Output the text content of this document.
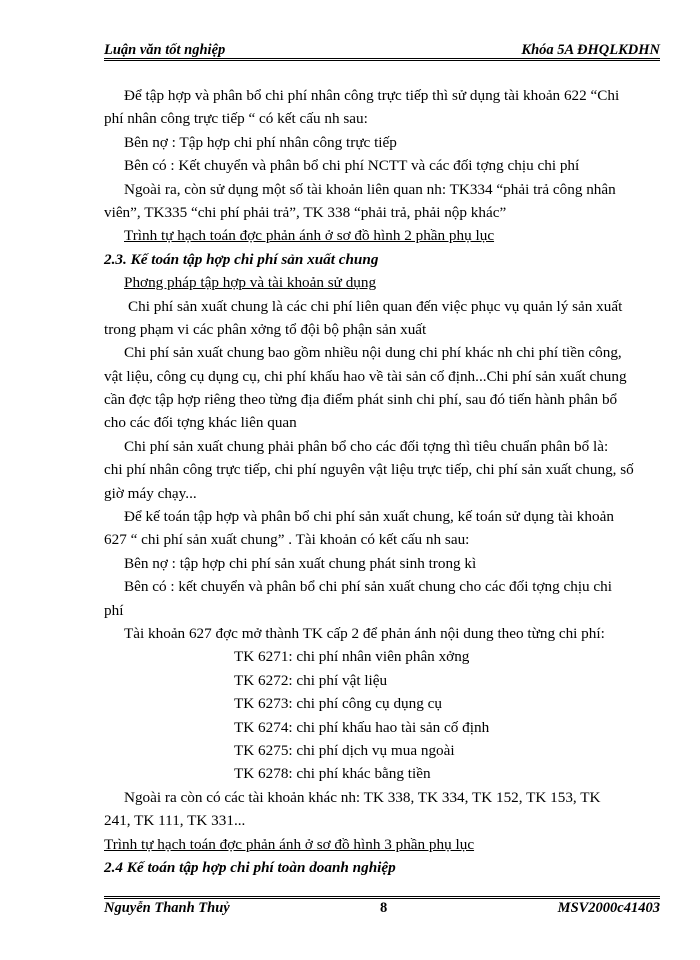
Luận văn tốt nghiệp	Khóa 5A ĐHQLKDHN
Để tập hợp và phân bổ chi phí nhân công trực tiếp thì sử dụng tài khoản 622 “Chi
phí nhân công trực tiếp “ có kết cấu nh sau:
Bên nợ : Tập hợp chi phí nhân công trực tiếp
Bên có : Kết chuyển và phân bổ chi phí NCTT và các đối tợng chịu chi phí
Ngoài ra, còn sử dụng một số tài khoản liên quan nh: TK334 “phải trả công nhân
viên”, TK335 “chi phí phải trả”, TK 338 “phải trả, phải nộp khác”
Trình tự hạch toán đợc phản ánh ở sơ đồ hình 2 phần phụ lục
2.3. Kế toán tập hợp chi phí sản xuất chung
Phơng pháp tập hợp và tài khoản sử dụng
Chi phí sản xuất chung là các chi phí liên quan đến việc phục vụ quản lý sản xuất
trong phạm vi các phân xởng tổ đội bộ phận sản xuất
Chi phí sản xuất chung bao gồm nhiều nội dung chi phí khác nh chi phí tiền công,
vật liệu, công cụ dụng cụ, chi phí khấu hao về tài sản cố định...Chi phí sản xuất chung
cần đợc tập hợp riêng theo từng địa điểm phát sinh chi phí, sau đó tiến hành phân bổ
cho các đối tợng khác liên quan
Chi phí sản xuất chung phải phân bổ cho các đối tợng thì tiêu chuẩn phân bổ là:
chi phí nhân công trực tiếp, chi phí nguyên vật liệu trực tiếp, chi phí sản xuất chung, số
giờ máy chạy...
Để kế toán tập hợp và phân bổ chi phí sản xuất chung, kế toán sử dụng tài khoản
627 “ chi phí sản xuất chung” . Tài khoản có kết cấu nh sau:
Bên nợ : tập hợp chi phí sản xuất chung phát sinh trong kì
Bên có : kết chuyển và phân bổ chi phí sản xuất chung cho các đối tợng chịu chi
phí
Tài khoản 627 đợc mở thành TK cấp 2 để phản ánh nội dung theo từng chi phí:
TK 6271: chi phí nhân viên phân xởng
TK 6272: chi phí vật liệu
TK 6273: chi phí công cụ dụng cụ
TK 6274: chi phí khấu hao tài sản cố định
TK 6275: chi phí dịch vụ mua ngoài
TK 6278: chi phí khác bằng tiền
Ngoài ra còn có các tài khoản khác nh: TK 338, TK 334, TK 152, TK 153, TK
241, TK 111, TK 331...
Trình tự hạch toán đợc phản ánh ở sơ đồ hình 3 phần phụ lục
2.4 Kế toán tập hợp chi phí toàn doanh nghiệp
Nguyễn Thanh Thuỷ	8	MSV2000c41403
